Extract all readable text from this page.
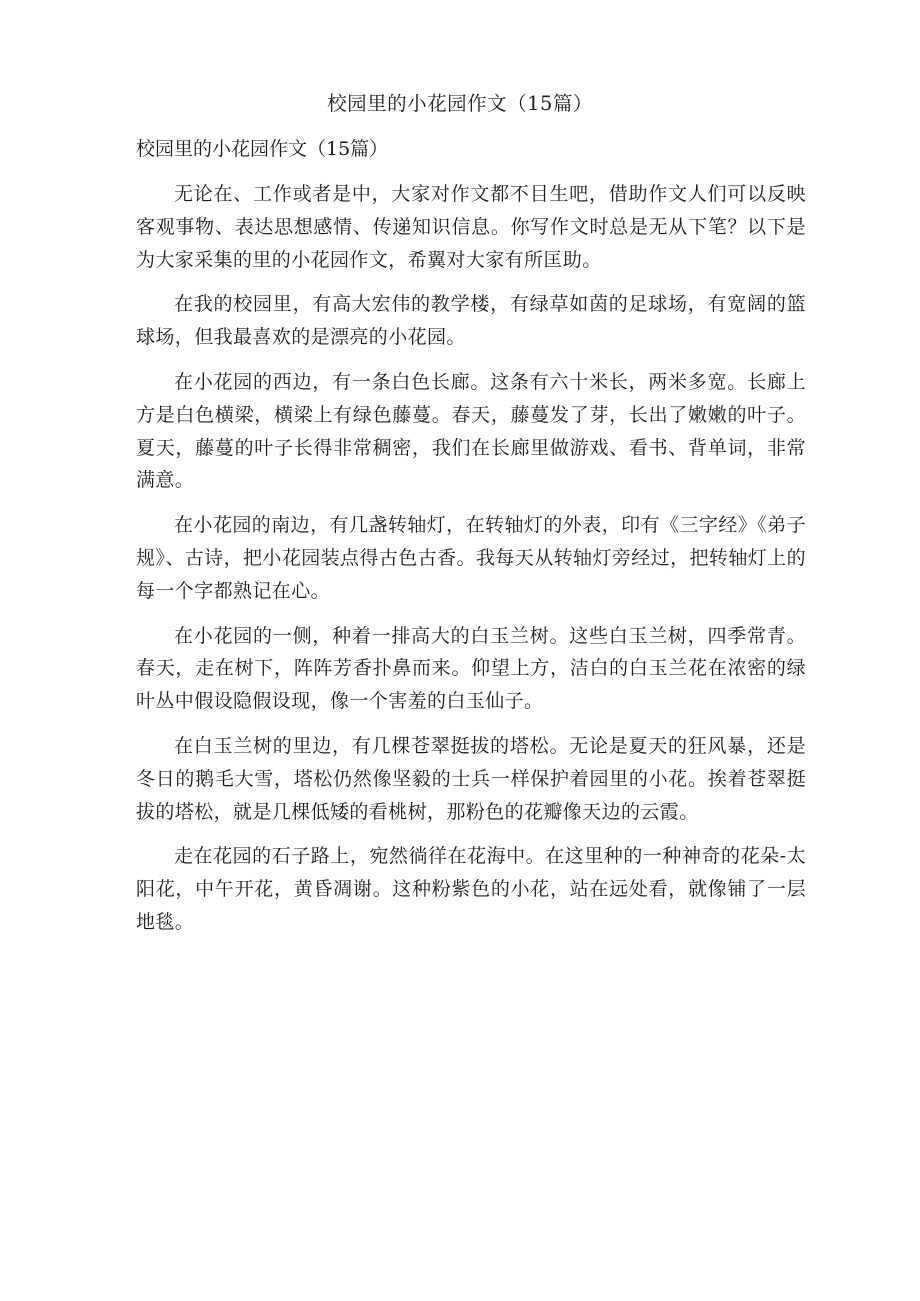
校园里的小花园作文（15篇）
校园里的小花园作文（15篇）

无论在、工作或者是中，大家对作文都不目生吧，借助作文人们可以反映客观事物、表达思想感情、传递知识信息。你写作文时总是无从下笔？以下是为大家采集的里的小花园作文，希翼对大家有所匡助。

在我的校园里，有高大宏伟的教学楼，有绿草如茵的足球场，有宽阔的篮球场，但我最喜欢的是漂亮的小花园。

在小花园的西边，有一条白色长廊。这条有六十米长，两米多宽。长廊上方是白色横梁，横梁上有绿色藤蔓。春天，藤蔓发了芽，长出了嫩嫩的叶子。夏天，藤蔓的叶子长得非常稠密，我们在长廊里做游戏、看书、背单词，非常满意。

在小花园的南边，有几盏转轴灯，在转轴灯的外表，印有《三字经》《弟子规》、古诗，把小花园装点得古色古香。我每天从转轴灯旁经过，把转轴灯上的每一个字都熟记在心。

在小花园的一侧，种着一排高大的白玉兰树。这些白玉兰树，四季常青。春天，走在树下，阵阵芳香扑鼻而来。仰望上方，洁白的白玉兰花在浓密的绿叶丛中假设隐假设现，像一个害羞的白玉仙子。

在白玉兰树的里边，有几棵苍翠挺拔的塔松。无论是夏天的狂风暴，还是冬日的鹅毛大雪，塔松仍然像坚毅的士兵一样保护着园里的小花。挨着苍翠挺拔的塔松，就是几棵低矮的看桃树，那粉色的花瓣像天边的云霞。

走在花园的石子路上，宛然徜徉在花海中。在这里种的一种神奇的花朵-太阳花，中午开花，黄昏凋谢。这种粉紫色的小花，站在远处看，就像铺了一层地毯。
